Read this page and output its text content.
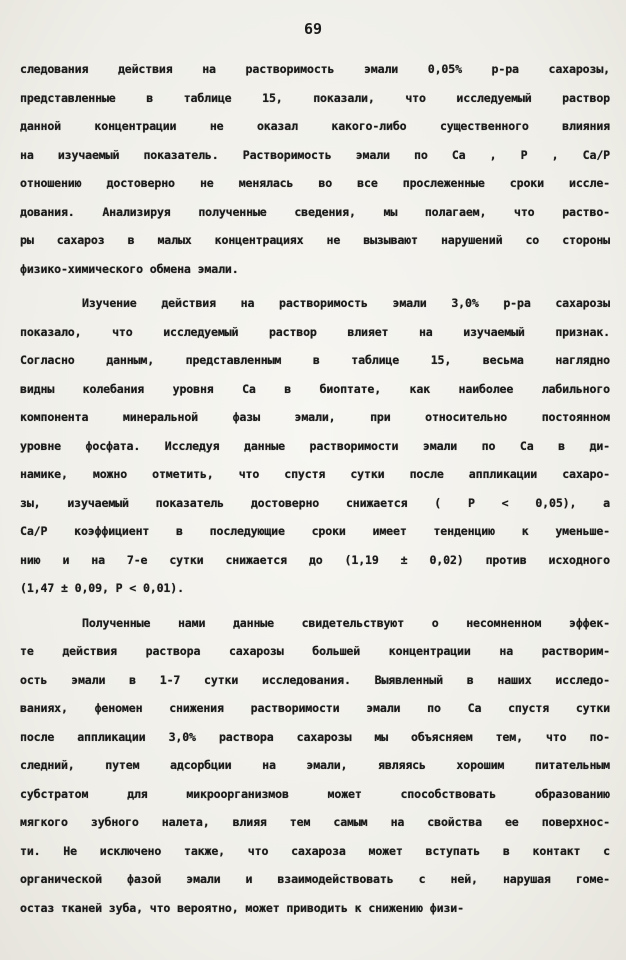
69
следования действия на растворимость эмали 0,05% р-ра сахарозы,
представленные в таблице 15, показали, что исследуемый раствор
данной концентрации не оказал какого-либо существенного влияния
на изучаемый показатель. Растворимость эмали по Ca , P , Ca/P
отношению достоверно не менялась во все прослеженные сроки иссле-
дования. Анализируя полученные сведения, мы полагаем, что раство-
ры сахароз в малых концентрациях не вызывают нарушений со стороны
физико-химического обмена эмали.
Изучение действия на растворимость эмали 3,0% р-ра сахарозы
показало, что исследуемый раствор влияет на изучаемый признак.
Согласно данным, представленным в таблице 15, весьма наглядно
видны колебания уровня Ca в биоптате, как наиболее лабильного
компонента минеральной фазы эмали, при относительно постоянном
уровне фосфата. Исследуя данные растворимости эмали по Ca в ди-
намике, можно отметить, что спустя сутки после аппликации сахаро-
зы, изучаемый показатель достоверно снижается ( P < 0,05), а
Ca/P коэффициент в последующие сроки имеет тенденцию к уменьше-
нию и на 7-е сутки снижается до (1,19 ± 0,02) против исходного
(1,47 ± 0,09, P < 0,01).
Полученные нами данные свидетельствуют о несомненном эффек-
те действия раствора сахарозы большей концентрации на растворим-
ость эмали в 1-7 сутки исследования. Выявленный в наших исследо-
ваниях, феномен снижения растворимости эмали по Ca спустя сутки
после аппликации 3,0% раствора сахарозы мы объясняем тем, что по-
следний, путем адсорбции на эмали, являясь хорошим питательным
субстратом для микроорганизмов может способствовать образованию
мягкого зубного налета, влияя тем самым на свойства ее поверхнос-
ти. Не исключено также, что сахароза может вступать в контакт с
органической фазой эмали и взаимодействовать с ней, нарушая гоме-
остаз тканей зуба, что вероятно, может приводить к снижению физи-
